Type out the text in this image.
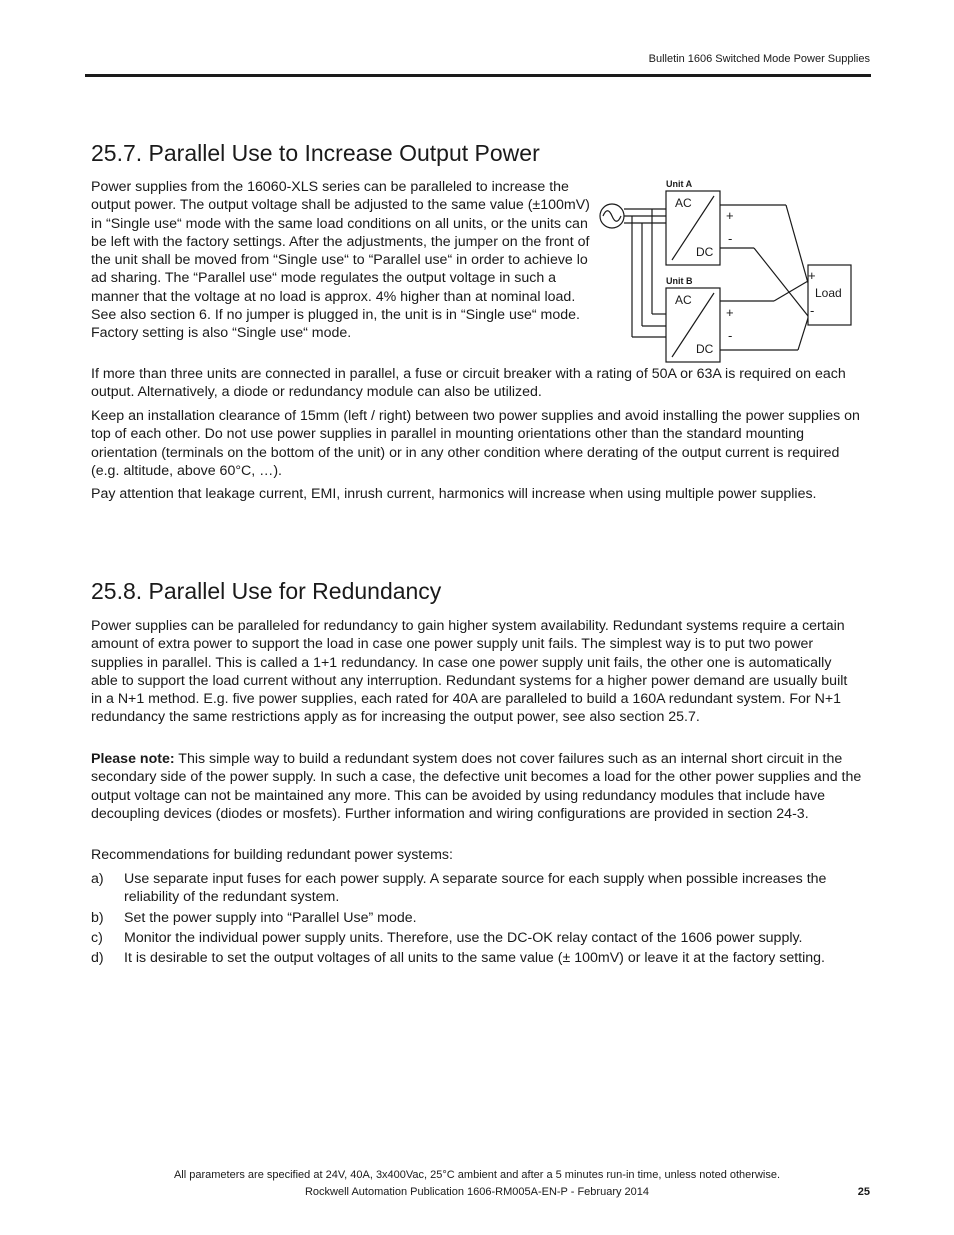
Bulletin 1606 Switched Mode Power Supplies
25.7. Parallel Use to Increase Output Power

Power supplies from the 16060-XLS series can be paralleled to increase the output power. The output voltage shall be adjusted to the same value (±100mV) in “Single use“ mode with the same load conditions on all units, or the units can be left with the factory settings. After the adjustments, the jumper on the front of the unit shall be moved from “Single use“ to “Parallel use“ in order to achieve lo ad sharing. The “Parallel use“ mode regulates the output voltage in such a manner that the voltage at no load is approx. 4% higher than at nominal load. See also section 6. If no jumper is plugged in, the unit is in “Single use“ mode. Factory setting is also “Single use“ mode.

Unit A
Unit B
AC
DC
AC
DC
+
-
+
-
+
-
Load

If more than three units are connected in parallel, a fuse or circuit breaker with a rating of 50A or 63A is required on each output. Alternatively, a diode or redundancy module can also be utilized.

Keep an installation clearance of 15mm (left / right) between two power supplies and avoid installing the power supplies on top of each other. Do not use power supplies in parallel in mounting orientations other than the standard mounting orientation (terminals on the bottom of the unit) or in any other condition where derating of the output current is required (e.g. altitude, above 60°C, …).

Pay attention that leakage current, EMI, inrush current, harmonics will increase when using multiple power supplies.

25.8. Parallel Use for Redundancy

Power supplies can be paralleled for redundancy to gain higher system availability. Redundant systems require a certain amount of extra power to support the load in case one power supply unit fails. The simplest way is to put two power supplies in parallel. This is called a 1+1 redundancy. In case one power supply unit fails, the other one is automatically able to support the load current without any interruption. Redundant systems for a higher power demand are usually built in a N+1 method. E.g. five power supplies, each rated for 40A are paralleled to build a 160A redundant system. For N+1 redundancy the same restrictions apply as for increasing the output power, see also section 25.7.

Please note: This simple way to build a redundant system does not cover failures such as an internal short circuit in the secondary side of the power supply. In such a case, the defective unit becomes a load for the other power supplies and the output voltage can not be maintained any more. This can be avoided by using redundancy modules that include have decoupling devices (diodes or mosfets). Further information and wiring configurations are provided in section 24-3.

Recommendations for building redundant power systems:

a)	Use separate input fuses for each power supply. A separate source for each supply when possible increases the reliability of the redundant system.
b)	Set the power supply into “Parallel Use” mode.
c)	Monitor the individual power supply units. Therefore, use the DC-OK relay contact of the 1606 power supply.
d)	It is desirable to set the output voltages of all units to the same value (± 100mV) or leave it at the factory setting.
All parameters are specified at 24V, 40A, 3x400Vac, 25°C ambient and after a 5 minutes run-in time, unless noted otherwise.
Rockwell Automation Publication 1606-RM005A-EN-P - February 2014	25
